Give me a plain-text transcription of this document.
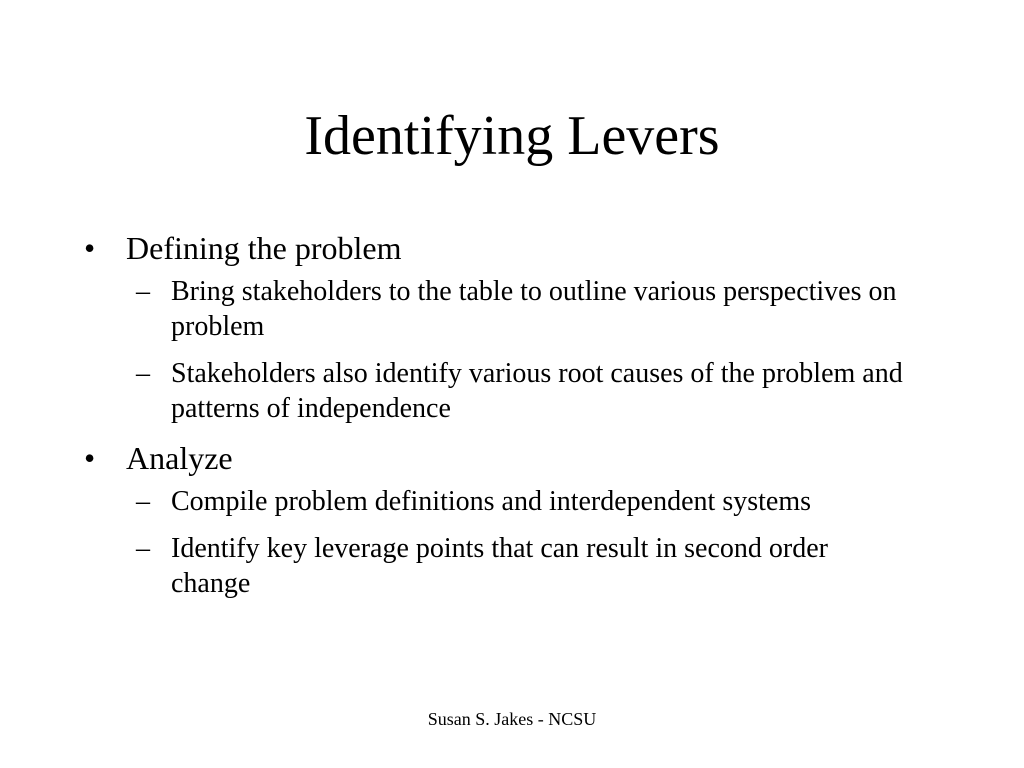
Identifying Levers
• Defining the problem
– Bring stakeholders to the table to outline various perspectives on problem
– Stakeholders also identify various root causes of the problem and patterns of independence
• Analyze
– Compile problem definitions and interdependent systems
– Identify key leverage points that can result in second order change
Susan S. Jakes - NCSU
